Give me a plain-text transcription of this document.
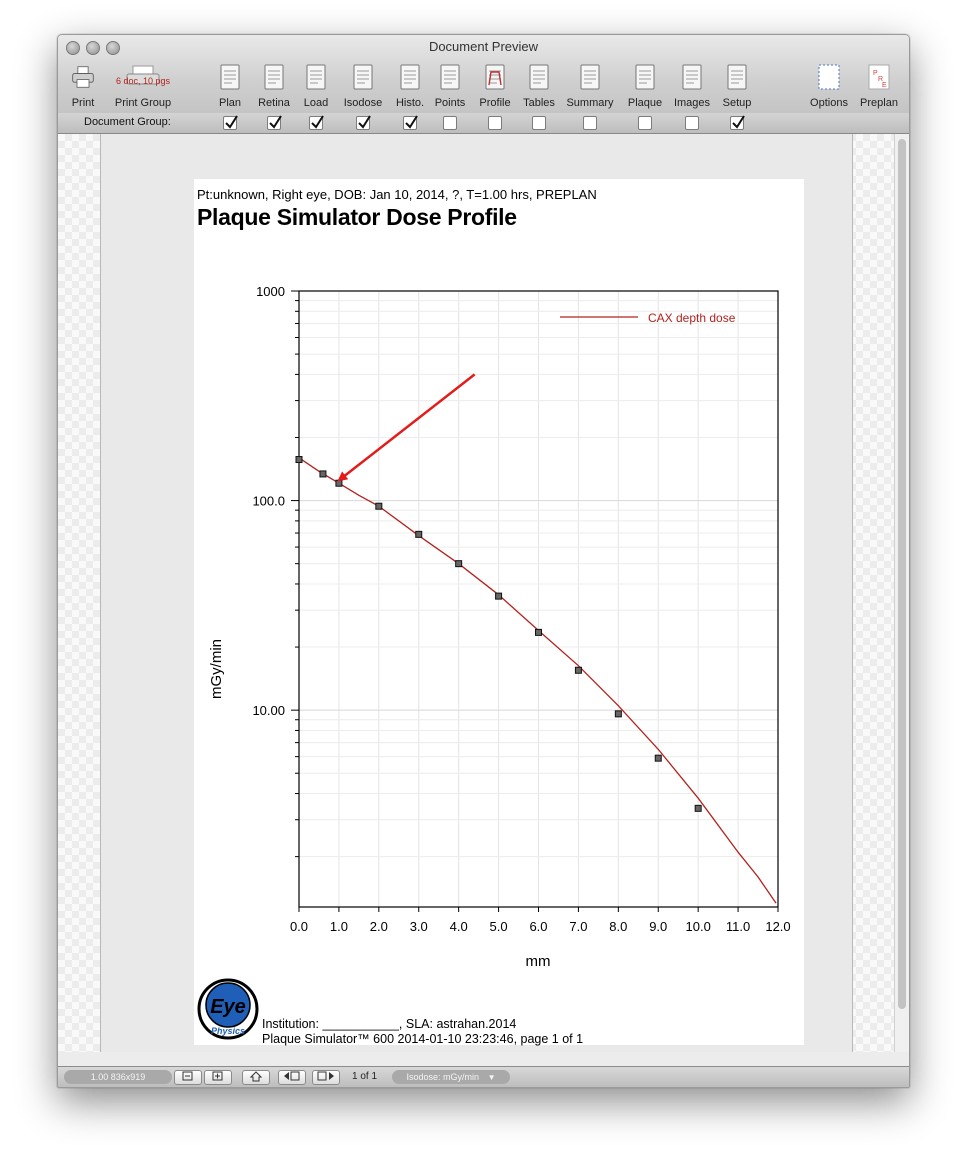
Document Preview
Print
6 doc, 10 pgs
Print Group	Plan	Retina	Load	Isodose	Histo. Points	Profile	Tables	Summary	Plaque	Images	Setup	Options
P
R
E
Preplan
Document Group:
Pt:unknown, Right eye, DOB: Jan 10, 2014, ?, T=1.00 hrs, PREPLAN
Plaque Simulator Dose Profile
0.0 1.0 2.0 3.0 4.0 5.0 6.0 7.0 8.0 9.0 10.0 11.0 12.0
1000
100.0
10.00
CAX depth dose
mGy/min
mm
Eye
Physics Institution: ___________, SLA: astrahan.2014
Plaque Simulator™ 600 2014-01-10 23:23:46, page 1 of 1
1.00 836x919	1 of 1	Isodose: mGy/min ▼
